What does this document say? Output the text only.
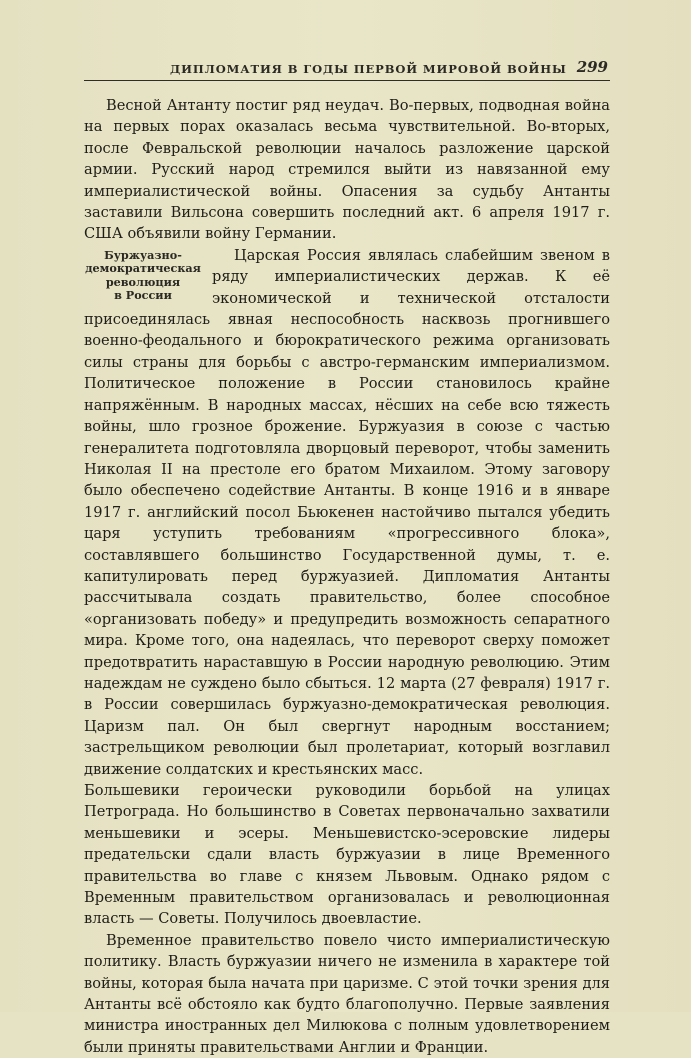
ДИПЛОМАТИЯ В ГОДЫ ПЕРВОЙ МИРОВОЙ ВОЙНЫ 299

Весной Антанту постиг ряд неудач. Во-первых, подводная война на первых порах оказалась весьма чувствительной. Во-вторых, после Февральской революции началось разложение царской армии. Русский народ стремился выйти из навязанной ему империалистической войны. Опасения за судьбу Антанты заставили Вильсона совершить последний акт. 6 апреля 1917 г. США объявили войну Германии.

Буржуазно-
демократическая
революция
в России

Царская Россия являлась слабейшим звеном в ряду империалистических держав. К её экономической и технической отсталости присоединялась явная неспособность насквозь прогнившего военно-феодального и бюрократического режима организовать силы страны для борьбы с австро-германским империализмом. Политическое положение в России становилось крайне напряжённым. В народных массах, нёсших на себе всю тяжесть войны, шло грозное брожение. Буржуазия в союзе с частью генералитета подготовляла дворцовый переворот, чтобы заменить Николая II на престоле его братом Михаилом. Этому заговору было обеспечено содействие Антанты. В конце 1916 и в январе 1917 г. английский посол Бьюкенен настойчиво пытался убедить царя уступить требованиям «прогрессивного блока», составлявшего большинство Государственной думы, т. е. капитулировать перед буржуазией. Дипломатия Антанты рассчитывала создать правительство, более способное «организовать победу» и предупредить возможность сепаратного мира. Кроме того, она надеялась, что переворот сверху поможет предотвратить нараставшую в России народную революцию. Этим надеждам не суждено было сбыться. 12 марта (27 февраля) 1917 г. в России совершилась буржуазно-демократическая революция. Царизм пал. Он был свергнут народным восстанием; застрельщиком революции был пролетариат, который возглавил движение солдатских и крестьянских масс.

Большевики героически руководили борьбой на улицах Петрограда. Но большинство в Советах первоначально захватили меньшевики и эсеры. Меньшевистско-эсеровские лидеры предательски сдали власть буржуазии в лице Временного правительства во главе с князем Львовым. Однако рядом с Временным правительством организовалась и революционная власть — Советы. Получилось двоевластие.

Временное правительство повело чисто империалистическую политику. Власть буржуазии ничего не изменила в характере той войны, которая была начата при царизме. С этой точки зрения для Антанты всё обстояло как будто благополучно. Первые заявления министра иностранных дел Милюкова с полным удовлетворением были приняты правительствами Англии и Франции.
